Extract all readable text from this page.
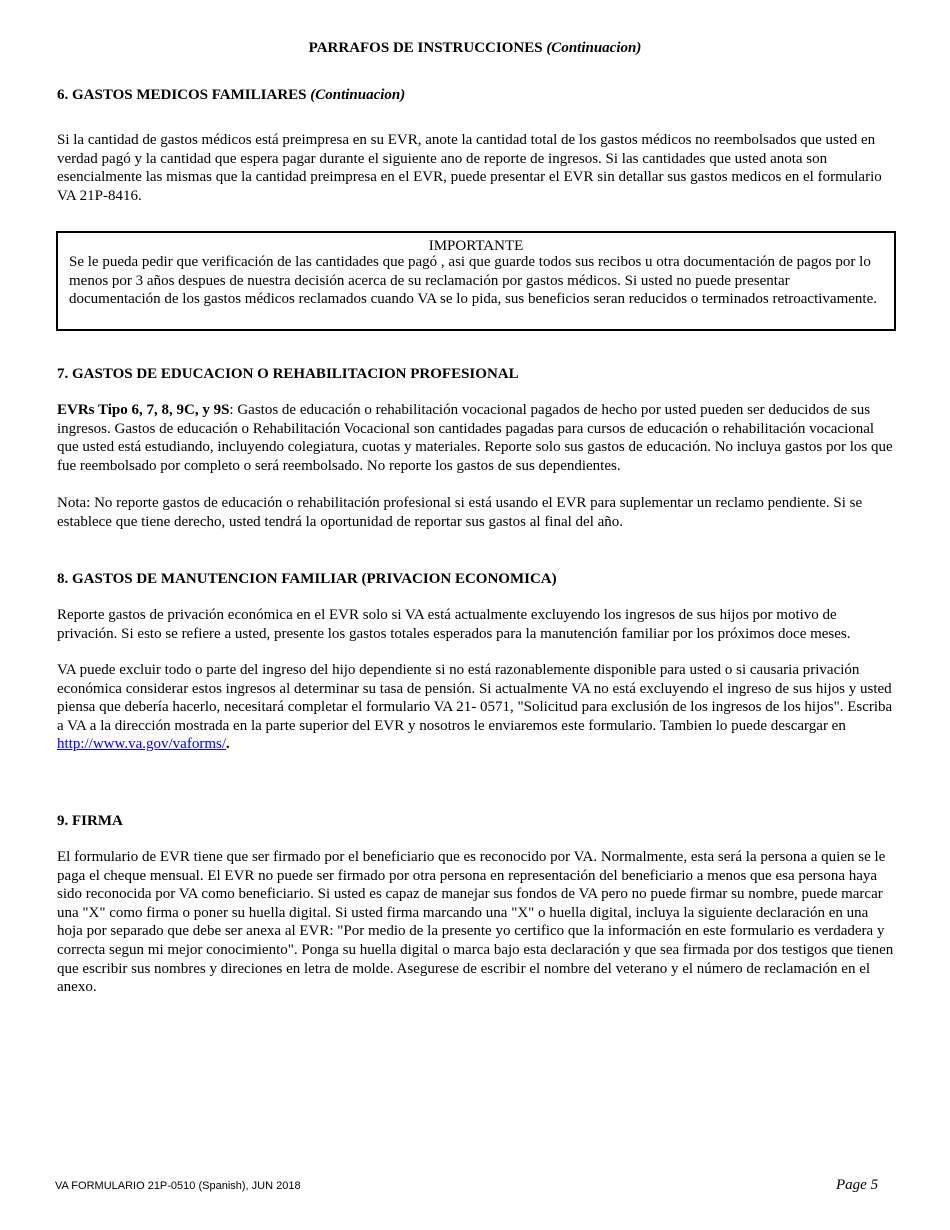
PARRAFOS DE INSTRUCCIONES (Continuacion)
6. GASTOS MEDICOS FAMILIARES (Continuacion)
Si la cantidad de gastos médicos está preimpresa en su EVR, anote la cantidad total de los gastos médicos no reembolsados que usted en verdad pagó y la cantidad que espera pagar durante el siguiente ano de reporte de ingresos. Si las cantidades que usted anota son esencialmente las mismas que la cantidad preimpresa en el EVR, puede presentar el EVR sin detallar sus gastos medicos en el formulario VA 21P-8416.
IMPORTANTE
Se le pueda pedir que verificación de las cantidades que pagó , asi que guarde todos sus recibos u otra documentación de pagos por lo menos por 3 años despues de nuestra decisión acerca de su reclamación por gastos médicos. Si usted no puede presentar documentación de los gastos médicos reclamados cuando VA se lo pida, sus beneficios seran reducidos o terminados retroactivamente.
7. GASTOS DE EDUCACION O REHABILITACION PROFESIONAL
EVRs Tipo 6, 7, 8, 9C, y 9S: Gastos de educación o rehabilitación vocacional pagados de hecho por usted pueden ser deducidos de sus ingresos. Gastos de educación o Rehabilitación Vocacional son cantidades pagadas para cursos de educación o rehabilitación vocacional que usted está estudiando, incluyendo colegiatura, cuotas y materiales. Reporte solo sus gastos de educación. No incluya gastos por los que fue reembolsado por completo o será reembolsado. No reporte los gastos de sus dependientes.
Nota: No reporte gastos de educación o rehabilitación profesional si está usando el EVR para suplementar un reclamo pendiente. Si se establece que tiene derecho, usted tendrá la oportunidad de reportar sus gastos al final del año.
8. GASTOS DE MANUTENCION FAMILIAR (PRIVACION ECONOMICA)
Reporte gastos de privación económica en el EVR solo si VA está actualmente excluyendo los ingresos de sus hijos por motivo de privación. Si esto se refiere a usted, presente los gastos totales esperados para la manutención familiar por los próximos doce meses.
VA puede excluir todo o parte del ingreso del hijo dependiente si no está razonablemente disponible para usted o si causaria privación económica considerar estos ingresos al determinar su tasa de pensión. Si actualmente VA no está excluyendo el ingreso de sus hijos y usted piensa que debería hacerlo, necesitará completar el formulario VA 21- 0571, "Solicitud para exclusión de los ingresos de los hijos". Escriba a VA a la dirección mostrada en la parte superior del EVR y nosotros le enviaremos este formulario. Tambien lo puede descargar en http://www.va.gov/vaforms/.
9. FIRMA
El formulario de EVR tiene que ser firmado por el beneficiario que es reconocido por VA. Normalmente, esta será la persona a quien se le paga el cheque mensual. El EVR no puede ser firmado por otra persona en representación del beneficiario a menos que esa persona haya sido reconocida por VA como beneficiario. Si usted es capaz de manejar sus fondos de VA pero no puede firmar su nombre, puede marcar una "X" como firma o poner su huella digital. Si usted firma marcando una "X" o huella digital, incluya la siguiente declaración en una hoja por separado que debe ser anexa al EVR: "Por medio de la presente yo certifico que la información en este formulario es verdadera y correcta segun mi mejor conocimiento". Ponga su huella digital o marca bajo esta declaración y que sea firmada por dos testigos que tienen que escribir sus nombres y direciones en letra de molde. Asegurese de escribir el nombre del veterano y el número de reclamación en el anexo.
VA FORMULARIO 21P-0510 (Spanish), JUN 2018	Page 5
